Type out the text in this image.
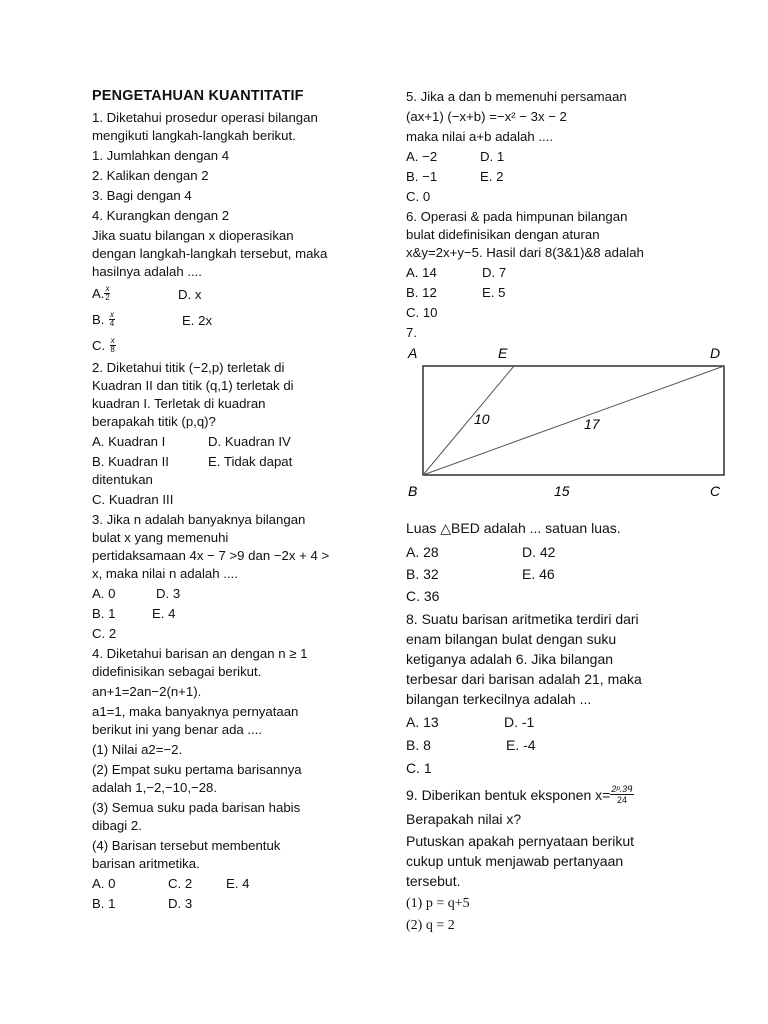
PENGETAHUAN KUANTITATIF

1. Diketahui prosedur operasi bilangan

mengikuti langkah-langkah berikut.

1. Jumlahkan dengan 4

2. Kalikan dengan 2

3. Bagi dengan 4

4. Kurangkan dengan 2

Jika suatu bilangan x dioperasikan

dengan langkah-langkah tersebut, maka

hasilnya adalah ....

A. $\frac{x}{2}$	D. x
B. $\frac{x}{4}$	E. 2x
C. $\frac{x}{8}$

2. Diketahui titik (−2,p) terletak di

Kuadran II dan titik (q,1) terletak di

kuadran I. Terletak di kuadran

berapakah titik (p,q)?

A. Kuadran I	D. Kuadran IV
B. Kuadran II	E. Tidak dapat

ditentukan

C. Kuadran III

3. Jika n adalah banyaknya bilangan

bulat x yang memenuhi

pertidaksamaan 4x − 7 >9 dan −2x + 4 >

x, maka nilai n adalah ....

A. 0	D. 3
B. 1	E. 4

C. 2

4. Diketahui barisan an dengan n ≥ 1

didefinisikan sebagai berikut.

an+1=2an−2(n+1).

a1=1, maka banyaknya pernyataan

berikut ini yang benar ada ....

(1) Nilai a2=−2.

(2) Empat suku pertama barisannya

adalah 1,−2,−10,−28.

(3) Semua suku pada barisan habis

dibagi 2.

(4) Barisan tersebut membentuk

barisan aritmetika.

A. 0	C. 2	E. 4
B. 1	D. 3

5. Jika a dan b memenuhi persamaan

(ax+1) (−x+b) =−x² − 3x − 2

maka nilai a+b adalah ....

A. −2	D. 1
B. −1	E. 2

C. 0

6. Operasi & pada himpunan bilangan

bulat didefinisikan dengan aturan

x&y=2x+y−5. Hasil dari 8(3&1)&8 adalah

A. 14	D. 7
B. 12	E. 5

C. 10

7.

A	E	D
B	C
10	17
15

Luas △BED adalah ... satuan luas.

A. 28	D. 42
B. 32	E. 46

C. 36

8. Suatu barisan aritmetika terdiri dari

enam bilangan bulat dengan suku

ketiganya adalah 6. Jika bilangan

terbesar dari barisan adalah 21, maka

bilangan terkecilnya adalah ...

A. 13	D. -1
B. 8	E. -4

C. 1

9. Diberikan bentuk eksponen $x= \frac{\text{2ᵖ.3ᑫ}}{24}$

Berapakah nilai x?

Putuskan apakah pernyataan berikut

cukup untuk menjawab pertanyaan

tersebut.

(1) p = q+5

(2) q = 2
